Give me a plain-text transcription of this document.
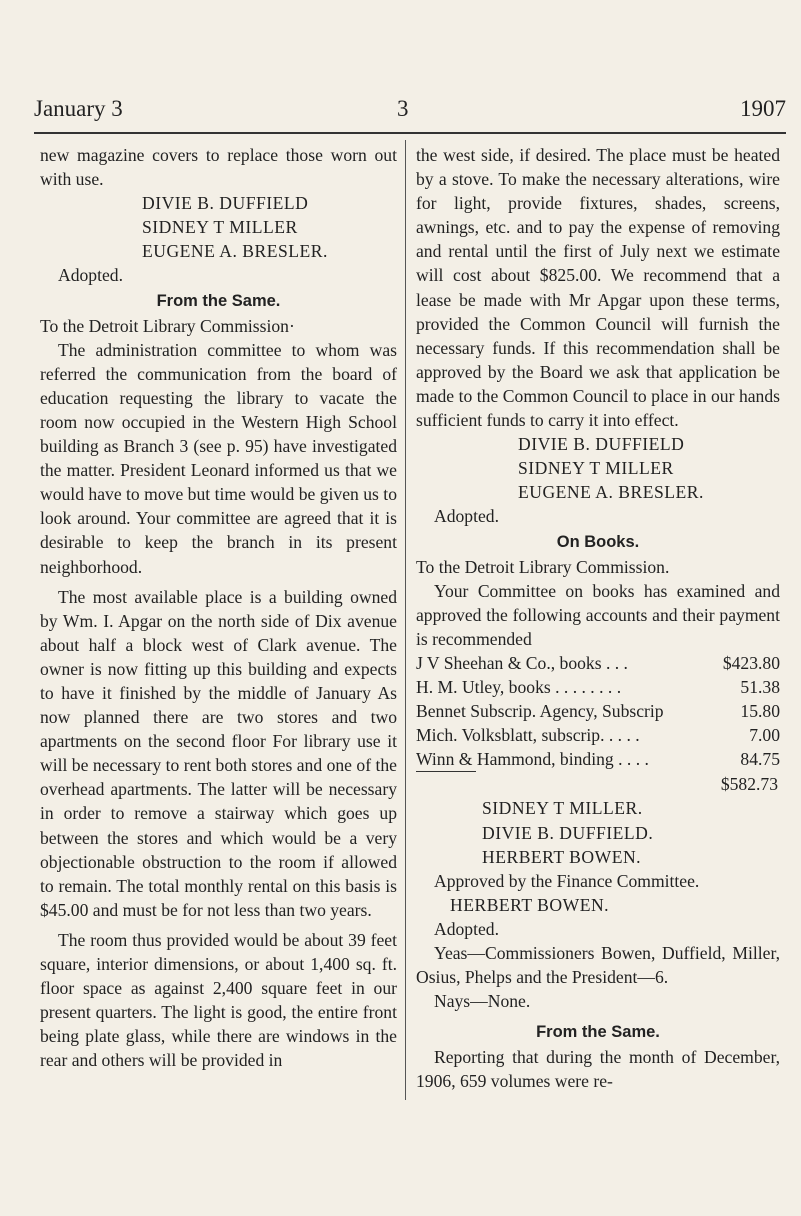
January 3	3	1907

new magazine covers to replace those worn out with use.

DIVIE B. DUFFIELD
SIDNEY T MILLER
EUGENE A. BRESLER.
Adopted.
From the Same.
To the Detroit Library Commission·

The administration committee to whom was referred the communication from the board of education requesting the library to vacate the room now occupied in the Western High School building as Branch 3 (see p. 95) have investigated the matter. President Leonard informed us that we would have to move but time would be given us to look around. Your committee are agreed that it is desirable to keep the branch in its present neighborhood.

The most available place is a building owned by Wm. I. Apgar on the north side of Dix avenue about half a block west of Clark avenue. The owner is now fitting up this building and expects to have it finished by the middle of January As now planned there are two stores and two apartments on the second floor For library use it will be necessary to rent both stores and one of the overhead apartments. The latter will be necessary in order to remove a stairway which goes up between the stores and which would be a very objectionable obstruction to the room if allowed to remain. The total monthly rental on this basis is $45.00 and must be for not less than two years.

The room thus provided would be about 39 feet square, interior dimensions, or about 1,400 sq. ft. floor space as against 2,400 square feet in our present quarters. The light is good, the entire front being plate glass, while there are windows in the rear and others will be provided in

the west side, if desired. The place must be heated by a stove. To make the necessary alterations, wire for light, provide fixtures, shades, screens, awnings, etc. and to pay the expense of removing and rental until the first of July next we estimate will cost about $825.00. We recommend that a lease be made with Mr Apgar upon these terms, provided the Common Council will furnish the necessary funds. If this recommendation shall be approved by the Board we ask that application be made to the Common Council to place in our hands sufficient funds to carry it into effect.

DIVIE B. DUFFIELD
SIDNEY T MILLER
EUGENE A. BRESLER.
Adopted.
On Books.
To the Detroit Library Commission.

Your Committee on books has examined and approved the following accounts and their payment is recommended

J V Sheehan & Co., books . . .	$423.80
H. M. Utley, books . . . . . . . .	51.38
Bennet Subscrip. Agency, Subscrip	15.80
Mich. Volksblatt, subscrip. . . . .	7.00
Winn & Hammond, binding . . . .	84.75
$582.73
SIDNEY T MILLER.
DIVIE B. DUFFIELD.
HERBERT BOWEN.
Approved by the Finance Committee.
HERBERT BOWEN.
Adopted.

Yeas—Commissioners Bowen, Duffield, Miller, Osius, Phelps and the President—6.

Nays—None.
From the Same.

Reporting that during the month of December, 1906, 659 volumes were re-
